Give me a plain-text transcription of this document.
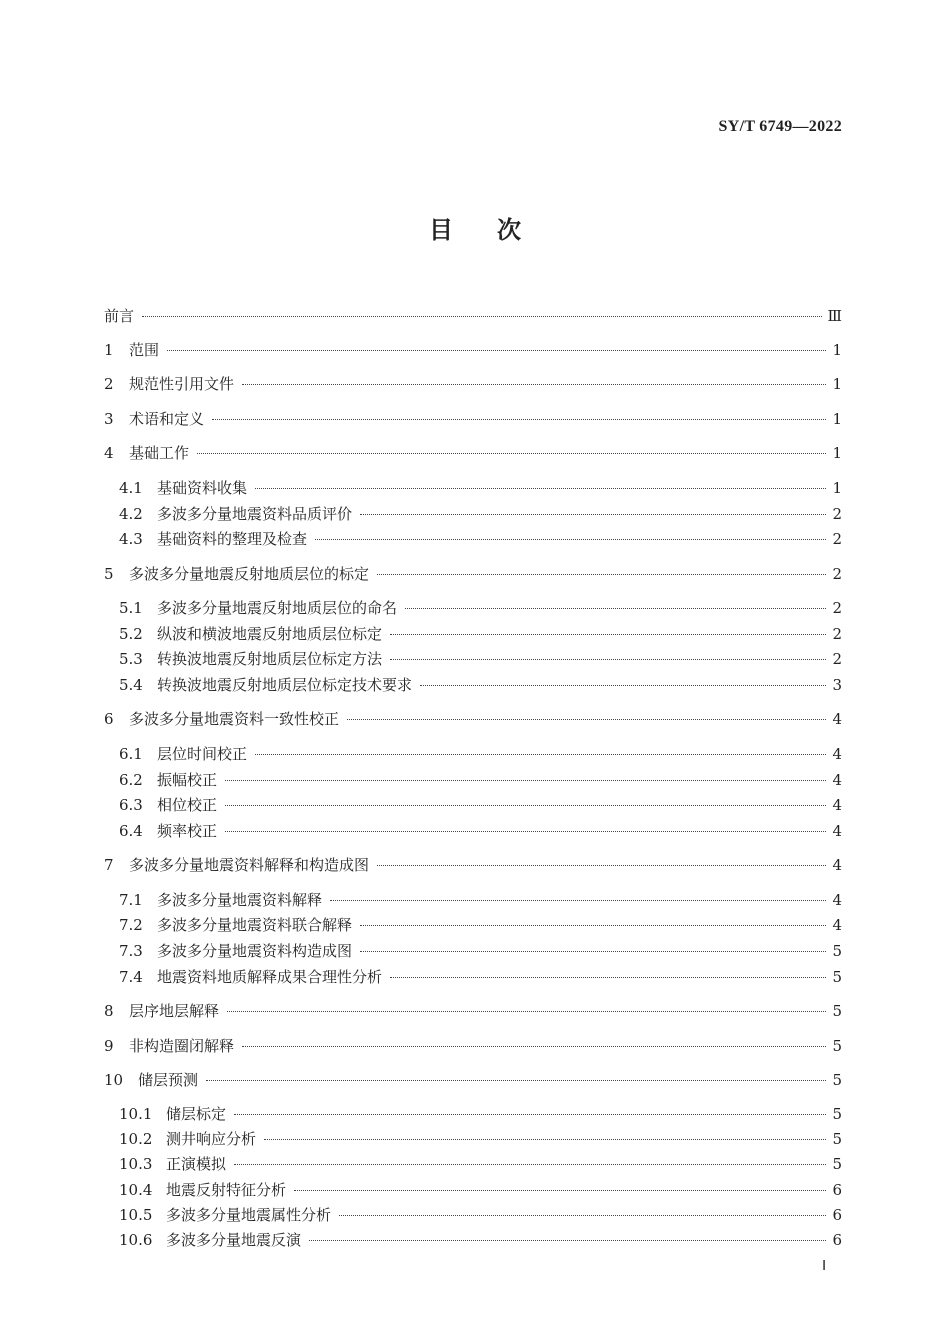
SY/T 6749—2022
目 次
前言	Ⅲ
1	范围	1
2	规范性引用文件	1
3	术语和定义	1
4	基础工作	1
4.1 基础资料收集	1
4.2 多波多分量地震资料品质评价	2
4.3 基础资料的整理及检查	2
5	多波多分量地震反射地质层位的标定	2
5.1 多波多分量地震反射地质层位的命名	2
5.2 纵波和横波地震反射地质层位标定	2
5.3 转换波地震反射地质层位标定方法	2
5.4 转换波地震反射地质层位标定技术要求	3
6	多波多分量地震资料一致性校正	4
6.1 层位时间校正	4
6.2 振幅校正	4
6.3 相位校正	4
6.4 频率校正	4
7	多波多分量地震资料解释和构造成图	4
7.1 多波多分量地震资料解释	4
7.2 多波多分量地震资料联合解释	4
7.3 多波多分量地震资料构造成图	5
7.4 地震资料地质解释成果合理性分析	5
8	层序地层解释	5
9	非构造圈闭解释	5
10 储层预测	5
10.1 储层标定	5
10.2 测井响应分析	5
10.3 正演模拟	5
10.4 地震反射特征分析	6
10.5 多波多分量地震属性分析	6
10.6 多波多分量地震反演	6
Ⅰ
